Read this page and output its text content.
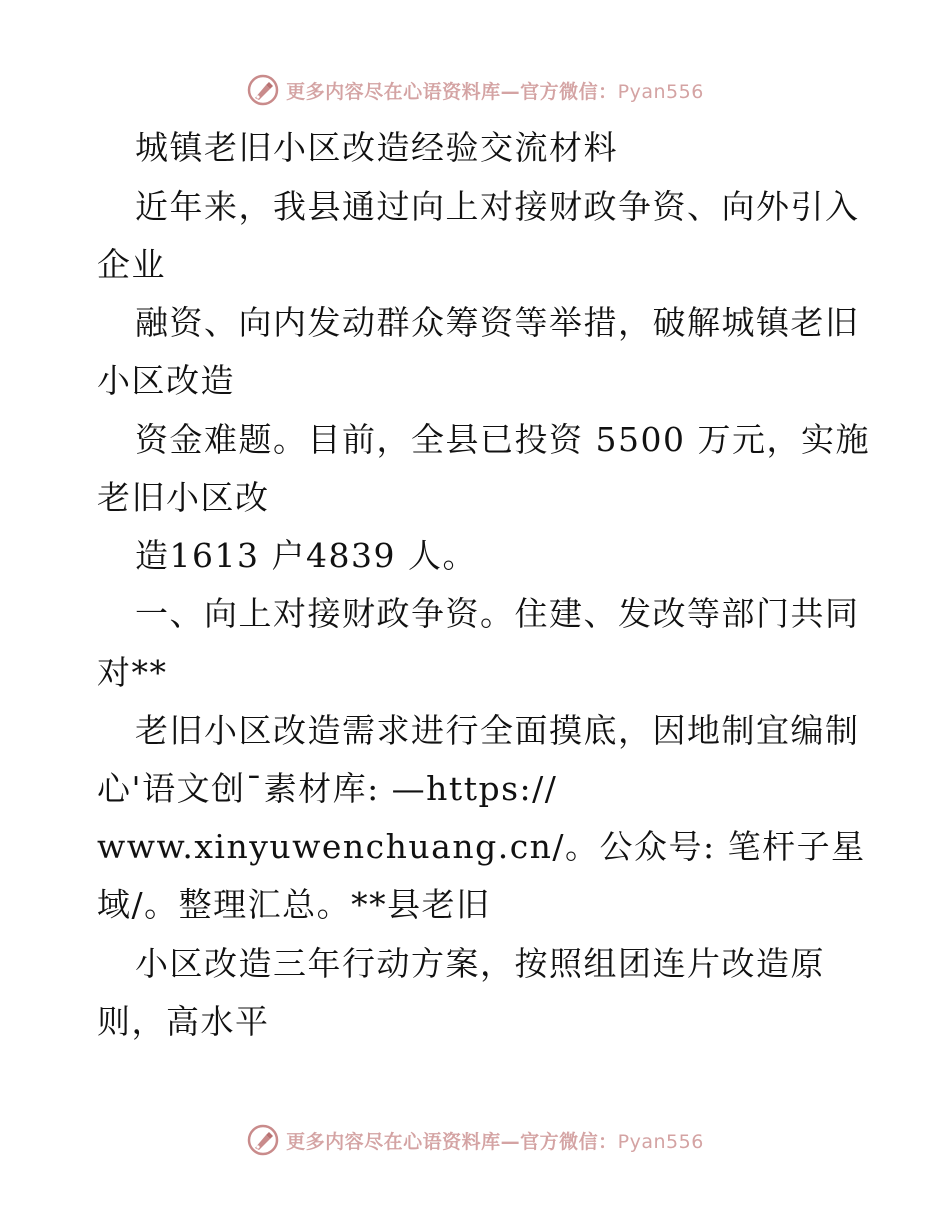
更多内容尽在心语资料库—官方微信：Pyan556
城镇老旧小区改造经验交流材料
近年来，我县通过向上对接财政争资、向外引入
企业
融资、向内发动群众筹资等举措，破解城镇老旧
小区改造
资金难题。目前，全县已投资 5500 万元，实施
老旧小区改
造1613 户4839 人。
一、向上对接财政争资。住建、发改等部门共同
对**
老旧小区改造需求进行全面摸底，因地制宜编制
心'语文创¯素材库: —https://
www.xinyuwenchuang.cn/。公众号: 笔杆子星
域/。整理汇总。**县老旧
小区改造三年行动方案，按照组团连片改造原
则，高水平
更多内容尽在心语资料库—官方微信：Pyan556
